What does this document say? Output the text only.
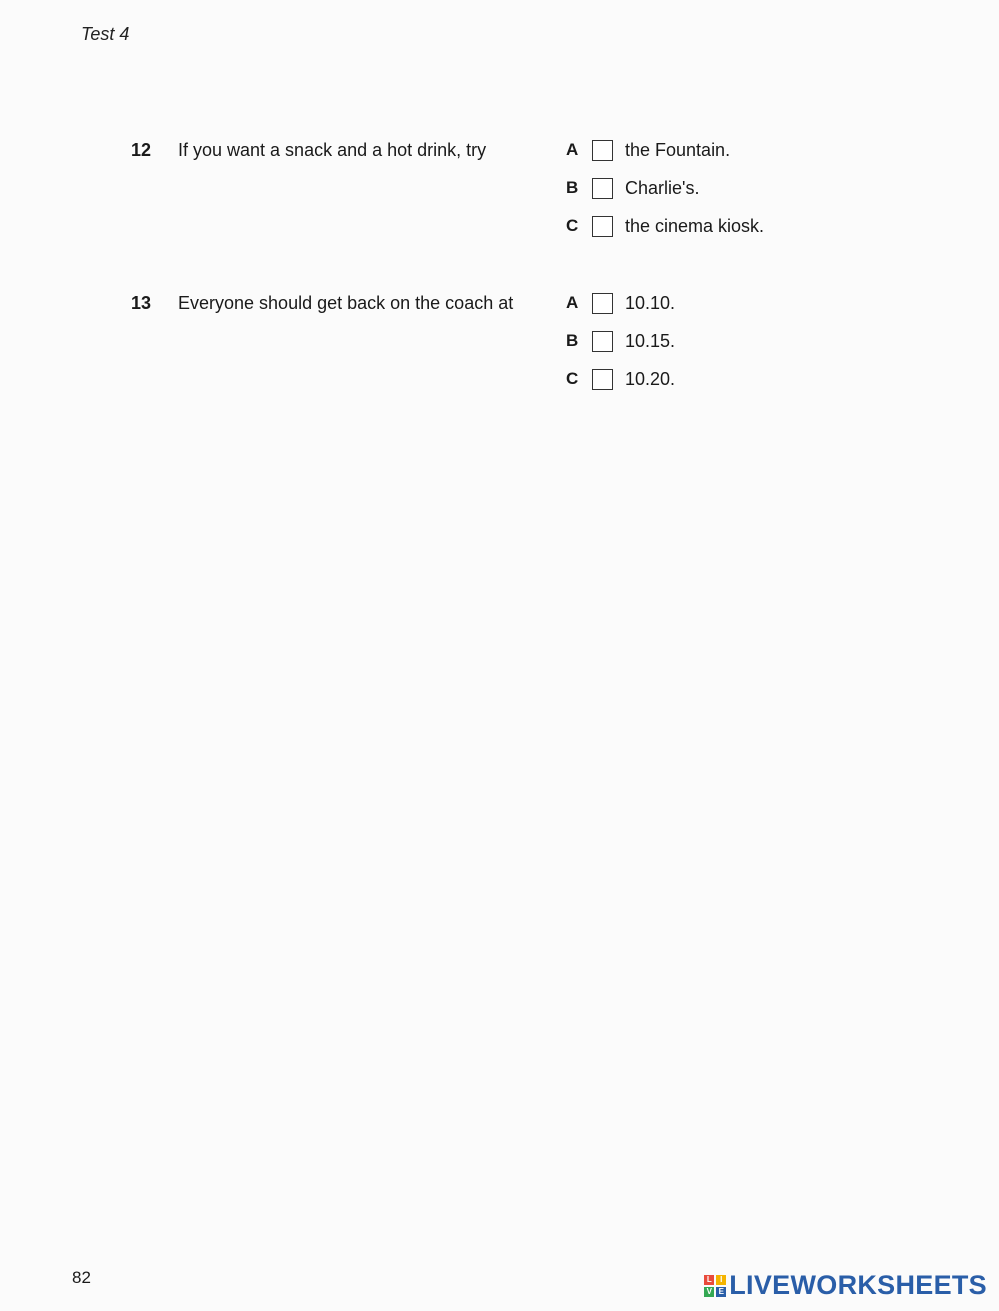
Test 4
12 If you want a snack and a hot drink, try	A	the Fountain.
B	Charlie's.
C	the cinema kiosk.
13 Everyone should get back on the coach at	A	10.10.
B	10.15.
C	10.20.
82	L	I
V E LIVEWORKSHEETS
